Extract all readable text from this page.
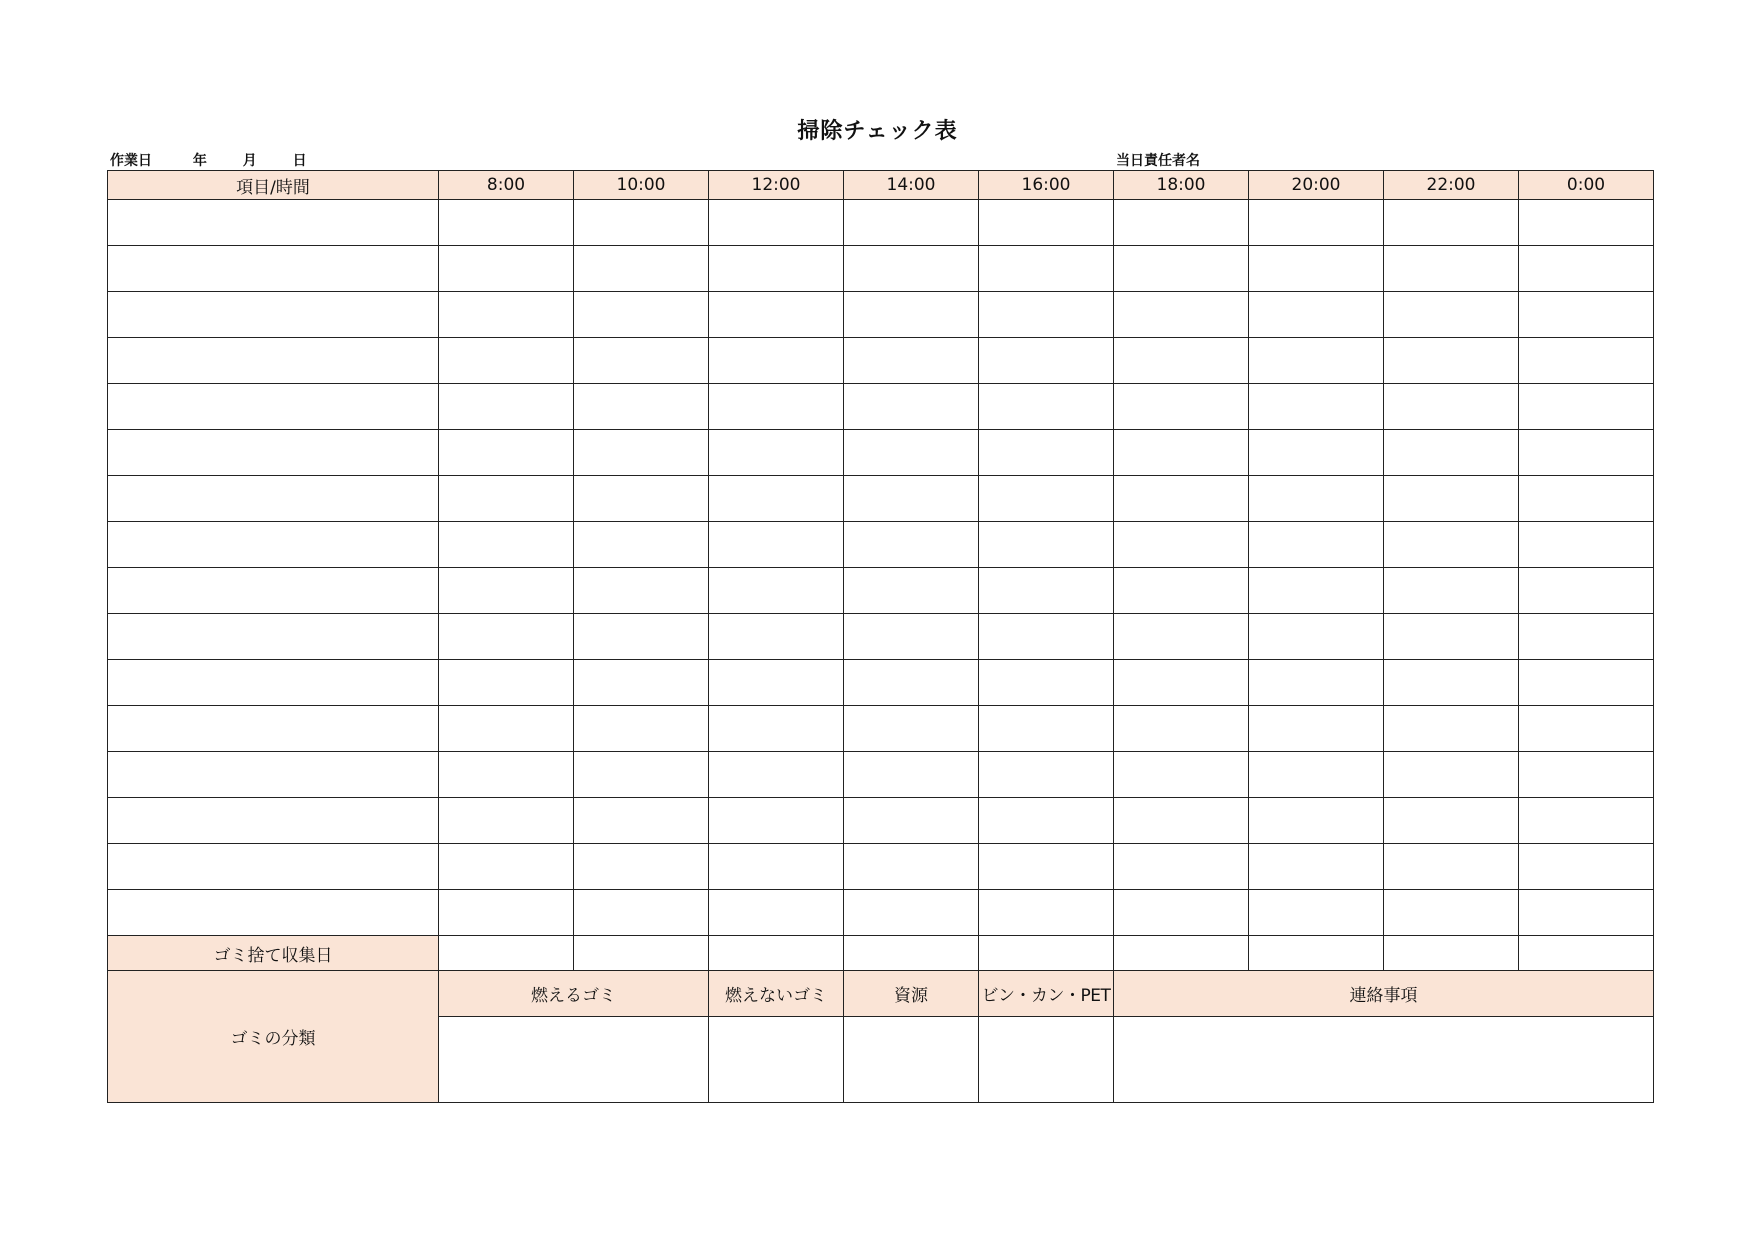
掃除チェック表
作業日	年	月	日	当日責任者名
項目/時間	8:00	10:00	12:00	14:00	16:00	18:00	20:00	22:00	0:00

ゴミ捨て収集日									
ゴミの分類	燃えるゴミ		燃えないゴミ	資源	ビン・カン・PET	連絡事項			
